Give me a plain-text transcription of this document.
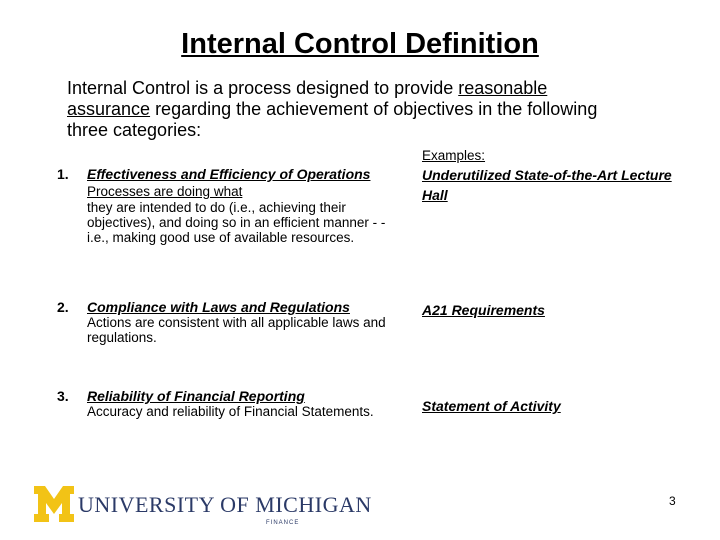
Internal Control Definition
Internal Control is a process designed to provide reasonable assurance regarding the achievement of objectives in the following three categories:
1. Effectiveness and Efficiency of Operations Processes are doing what
they are intended to do (i.e., achieving their objectives), and doing so in an efficient manner - - i.e., making good use of available resources.
2. Compliance with Laws and Regulations
Actions are consistent with all applicable laws and regulations.
3. Reliability of Financial Reporting
Accuracy and reliability of Financial Statements.
Examples:
Underutilized State-of-the-Art Lecture Hall
A21 Requirements
Statement of Activity
UNIVERSITY OF MICHIGAN
FINANCE
3
